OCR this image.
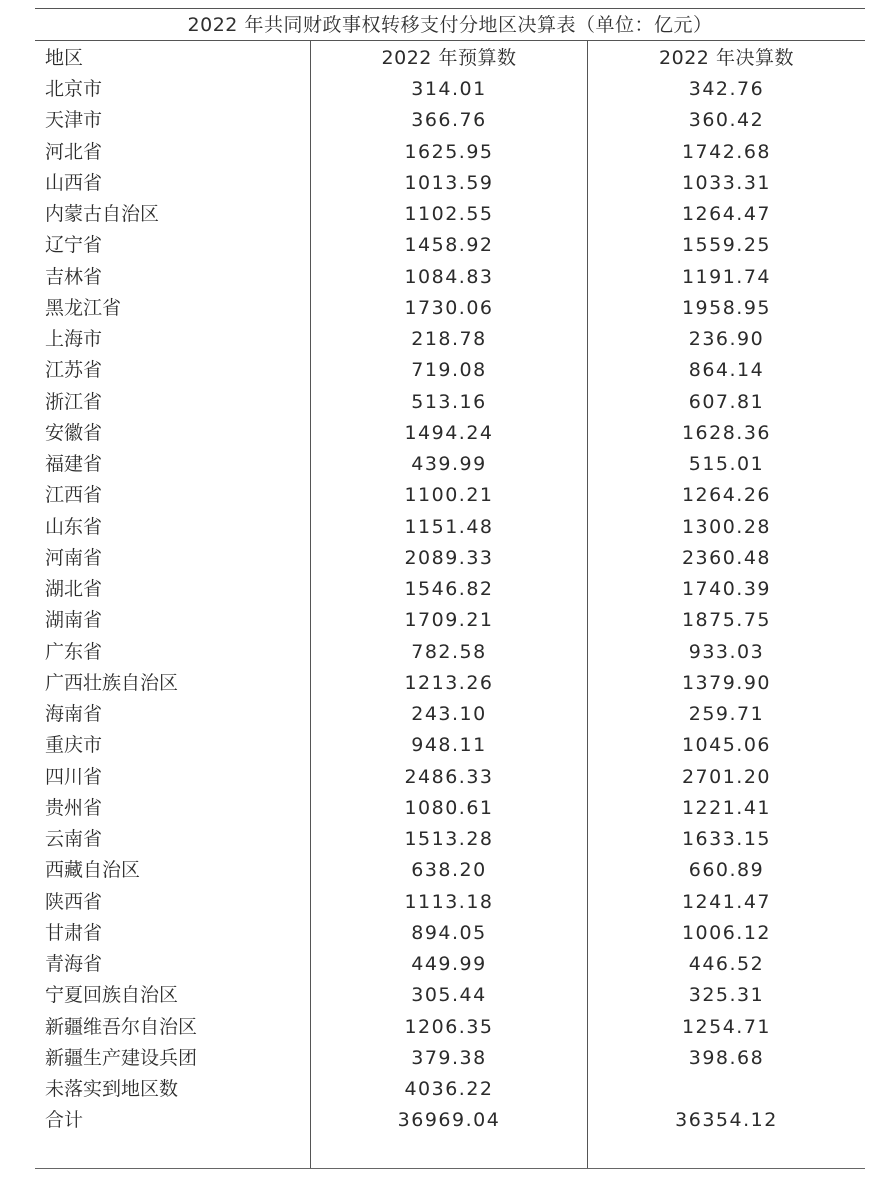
2022 年共同财政事权转移支付分地区决算表（单位：亿元）
地区	2022 年预算数	2022 年决算数
北京市	314.01	342.76
天津市	366.76	360.42
河北省	1625.95	1742.68
山西省	1013.59	1033.31
内蒙古自治区	1102.55	1264.47
辽宁省	1458.92	1559.25
吉林省	1084.83	1191.74
黑龙江省	1730.06	1958.95
上海市	218.78	236.90
江苏省	719.08	864.14
浙江省	513.16	607.81
安徽省	1494.24	1628.36
福建省	439.99	515.01
江西省	1100.21	1264.26
山东省	1151.48	1300.28
河南省	2089.33	2360.48
湖北省	1546.82	1740.39
湖南省	1709.21	1875.75
广东省	782.58	933.03
广西壮族自治区	1213.26	1379.90
海南省	243.10	259.71
重庆市	948.11	1045.06
四川省	2486.33	2701.20
贵州省	1080.61	1221.41
云南省	1513.28	1633.15
西藏自治区	638.20	660.89
陕西省	1113.18	1241.47
甘肃省	894.05	1006.12
青海省	449.99	446.52
宁夏回族自治区	305.44	325.31
新疆维吾尔自治区	1206.35	1254.71
新疆生产建设兵团	379.38	398.68
未落实到地区数	4036.22
合计	36969.04	36354.12
